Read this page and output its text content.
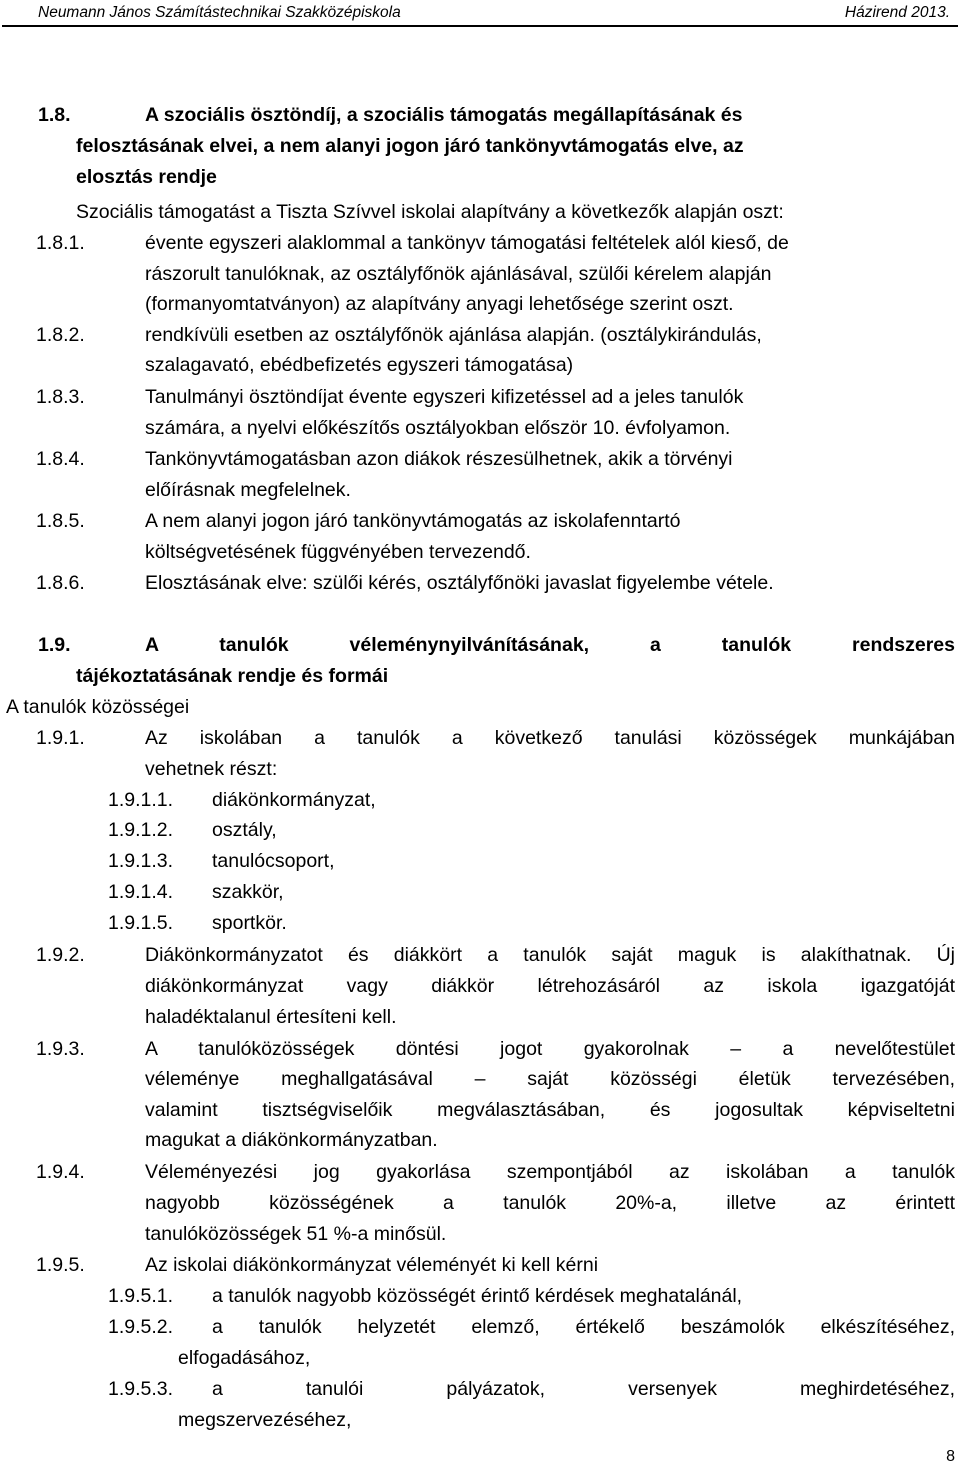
Neumann János Számítástechnikai Szakközépiskola	Házirend 2013.
1.8.	A szociális ösztöndíj, a szociális támogatás megállapításának és
felosztásának elvei, a nem alanyi jogon járó tankönyvtámogatás elve, az
elosztás rendje
Szociális támogatást a Tiszta Szívvel iskolai alapítvány a következők alapján oszt:
1.8.1.	évente egyszeri alaklommal a tankönyv támogatási feltételek alól kieső, de
rászorult tanulóknak, az osztályfőnök ajánlásával, szülői kérelem alapján
(formanyomtatványon) az alapítvány anyagi lehetősége szerint oszt.
1.8.2.	rendkívüli esetben az osztályfőnök ajánlása alapján. (osztálykirándulás,
szalagavató, ebédbefizetés egyszeri támogatása)
1.8.3.	Tanulmányi ösztöndíjat évente egyszeri kifizetéssel ad a jeles tanulók
számára, a nyelvi előkészítős osztályokban először 10. évfolyamon.
1.8.4.	Tankönyvtámogatásban azon diákok részesülhetnek, akik a törvényi
előírásnak megfelelnek.
1.8.5.	A nem alanyi jogon járó tankönyvtámogatás az iskolafenntartó
költségvetésének függvényében tervezendő.
1.8.6.	Elosztásának elve: szülői kérés, osztályfőnöki javaslat figyelembe vétele.
1.9.	A tanulók véleménynyilvánításának, a tanulók rendszeres
tájékoztatásának rendje és formái
A tanulók közösségei
1.9.1.	Az iskolában a tanulók a következő tanulási közösségek munkájában
vehetnek részt:
1.9.1.1. diákönkormányzat,
1.9.1.2. osztály,
1.9.1.3. tanulócsoport,
1.9.1.4. szakkör,
1.9.1.5. sportkör.
1.9.2.	Diákönkormányzatot és diákkört a tanulók saját maguk is alakíthatnak. Új
diákönkormányzat vagy diákkör létrehozásáról az iskola igazgatóját
haladéktalanul értesíteni kell.
1.9.3.	A tanulóközösségek döntési jogot gyakorolnak – a nevelőtestület
véleménye meghallgatásával – saját közösségi életük tervezésében,
valamint tisztségviselőik megválasztásában, és jogosultak képviseltetni
magukat a diákönkormányzatban.
1.9.4.	Véleményezési jog gyakorlása szempontjából az iskolában a tanulók
nagyobb közösségének a tanulók 20%-a, illetve az érintett
tanulóközösségek 51 %-a minősül.
1.9.5.	Az iskolai diákönkormányzat véleményét ki kell kérni
1.9.5.1. a tanulók nagyobb közösségét érintő kérdések meghatalánál,
1.9.5.2. a tanulók helyzetét elemző, értékelő beszámolók elkészítéséhez,
elfogadásához,
1.9.5.3. a tanulói pályázatok, versenyek meghirdetéséhez,
megszervezéséhez,
8
